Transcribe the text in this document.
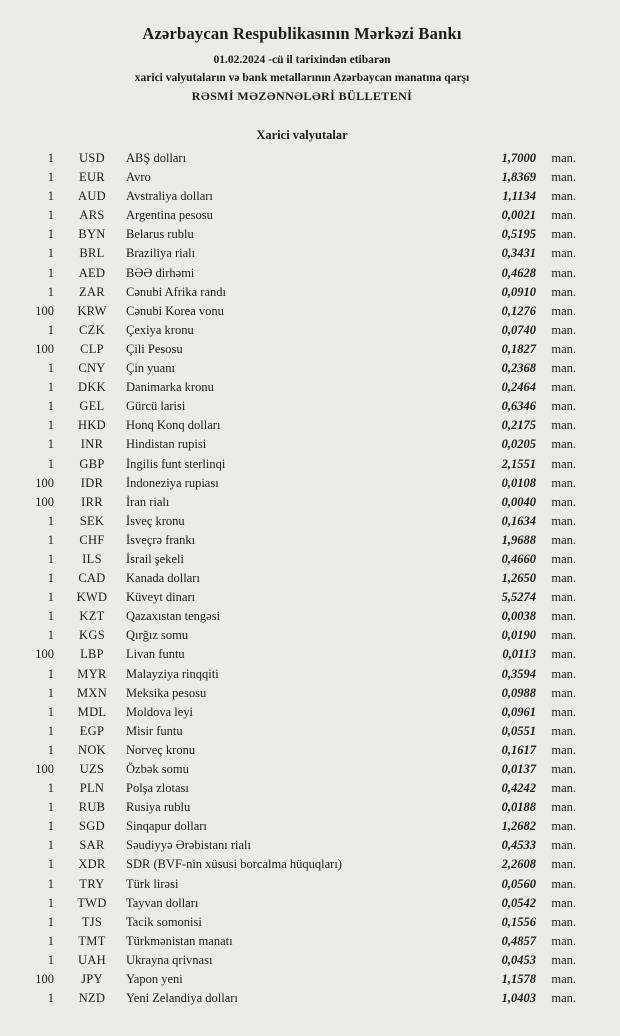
Azərbaycan Respublikasının Mərkəzi Bankı
01.02.2024 -cü il tarixindən etibarən
xarici valyutaların və bank metallarının Azərbaycan manatına qarşı
RƏSMİ MƏZƏNNƏLƏRİ BÜLLETENİ
Xarici valyutalar
1	USD	ABŞ dolları	1,7000	man.
1	EUR	Avro	1,8369	man.
1	AUD	Avstraliya dolları	1,1134	man.
1	ARS	Argentina pesosu	0,0021	man.
1	BYN	Belarus rublu	0,5195	man.
1	BRL	Braziliya rialı	0,3431	man.
1	AED	BƏƏ dirhəmi	0,4628	man.
1	ZAR	Cənubi Afrika randı	0,0910	man.
100	KRW	Cənubi Korea vonu	0,1276	man.
1	CZK	Çexiya kronu	0,0740	man.
100	CLP	Çili Pesosu	0,1827	man.
1	CNY	Çin yuanı	0,2368	man.
1	DKK	Danimarka kronu	0,2464	man.
1	GEL	Gürcü larisi	0,6346	man.
1	HKD	Honq Konq dolları	0,2175	man.
1	INR	Hindistan rupisi	0,0205	man.
1	GBP	İngilis funt sterlinqi	2,1551	man.
100	IDR	İndoneziya rupiası	0,0108	man.
100	IRR	İran rialı	0,0040	man.
1	SEK	İsveç kronu	0,1634	man.
1	CHF	İsveçrə frankı	1,9688	man.
1	ILS	İsrail şekeli	0,4660	man.
1	CAD	Kanada dolları	1,2650	man.
1	KWD	Küveyt dinarı	5,5274	man.
1	KZT	Qazaxıstan tengəsi	0,0038	man.
1	KGS	Qırğız somu	0,0190	man.
100	LBP	Livan funtu	0,0113	man.
1	MYR	Malayziya rinqqiti	0,3594	man.
1	MXN	Meksika pesosu	0,0988	man.
1	MDL	Moldova leyi	0,0961	man.
1	EGP	Misir funtu	0,0551	man.
1	NOK	Norveç kronu	0,1617	man.
100	UZS	Özbək somu	0,0137	man.
1	PLN	Polşa zlotası	0,4242	man.
1	RUB	Rusiya rublu	0,0188	man.
1	SGD	Sinqapur dolları	1,2682	man.
1	SAR	Səudiyyə Ərəbistanı rialı	0,4533	man.
1	XDR	SDR (BVF-nin xüsusi borcalma hüquqları)	2,2608	man.
1	TRY	Türk lirəsi	0,0560	man.
1	TWD	Tayvan dolları	0,0542	man.
1	TJS	Tacik somonisi	0,1556	man.
1	TMT	Türkmənistan manatı	0,4857	man.
1	UAH	Ukrayna qrivnası	0,0453	man.
100	JPY	Yapon yeni	1,1578	man.
1	NZD	Yeni Zelandiya dolları	1,0403	man.
